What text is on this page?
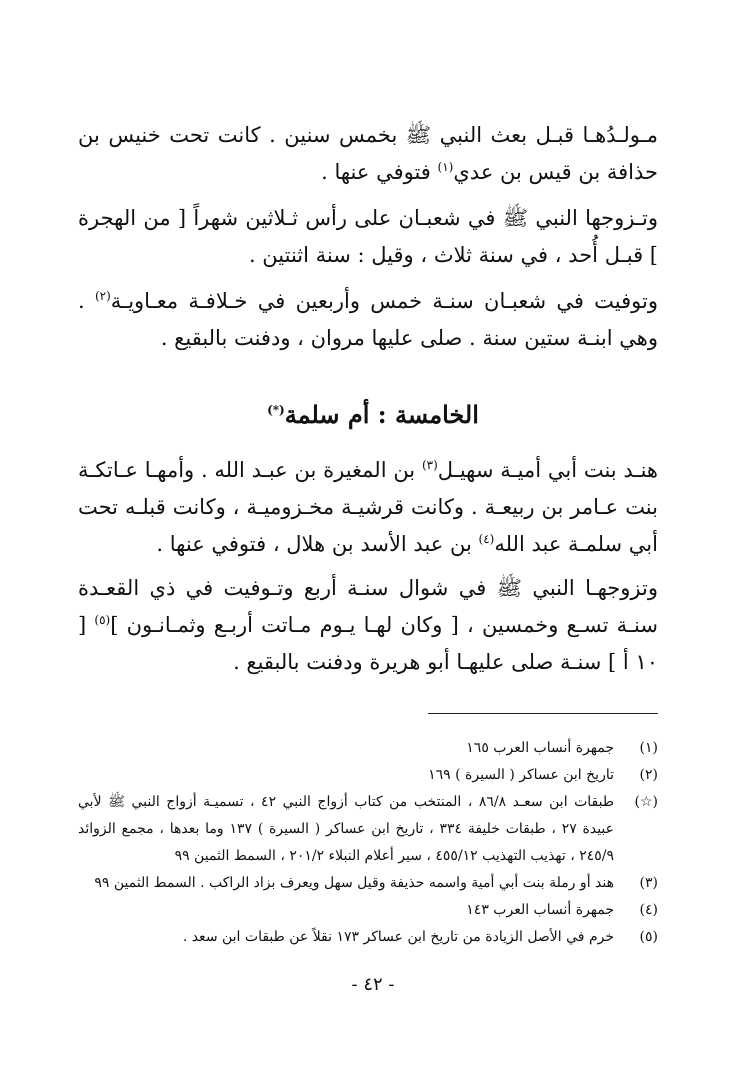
مـولـدُهـا قبـل بعث النبي ﷺ بخمس سنين . كانت تحت خنيس بن حذافة بن قيس بن عدي$^{(١)}$ فتوفي عنها .

وتـزوجها النبي ﷺ في شعبـان على رأس ثـلاثين شهراً [ من الهجرة ] قبـل أُحد ، في سنة ثلاث ، وقيل : سنة اثنتين .

وتوفيت في شعبـان سنـة خمس وأربعين في خـلافـة معـاويـة$^{(٢)}$ . وهي ابنـة ستين سنة . صلى عليها مروان ، ودفنت بالبقيع .

الخامسة : أم سلمة(*)

هنـد بنت أبي أميـة سهيـل$^{(٣)}$ بن المغيرة بن عبـد الله . وأمهـا عـاتكـة بنت عـامر بن ربيعـة . وكانت قرشيـة مخـزوميـة ، وكانت قبلـه تحت أبي سلمـة عبد الله$^{(٤)}$ بن عبد الأسد بن هلال ، فتوفي عنها .

وتزوجهـا النبي ﷺ في شوال سنـة أربع وتـوفيت في ذي القعـدة سنـة تسـع وخمسين ، [ وكان لهـا يـوم مـاتت أربـع وثمـانـون ]$^{(٥)}$ [ ١٠ أ ] سنـة صلى عليهـا أبو هريرة ودفنت بالبقيع .

(١)
جمهرة أنساب العرب ١٦٥
(٢)
تاريخ ابن عساكر ( السيرة ) ١٦٩
(☆)
طبقات ابن سعـد ٨٦/٨ ، المنتخب من كتاب أزواج النبي ٤٢ ، تسميـة أزواج النبي ﷺ لأبي عبيدة ٢٧ ، طبقات خليفة ٣٣٤ ، تاريخ ابن عساكر ( السيرة ) ١٣٧ وما بعدها ، مجمع الزوائد ٢٤٥/٩ ، تهذيب التهذيب ٤٥٥/١٢ ، سير أعلام النبلاء ٢٠١/٢ ، السمط الثمين ٩٩
(٣)
هند أو رملة بنت أبي أمية واسمه حذيفة وقيل سهل ويعرف بزاد الراكب . السمط الثمين ٩٩
(٤)
جمهرة أنساب العرب ١٤٣
(٥)
خرم في الأصل الزيادة من تاريخ ابن عساكر ١٧٣ نقلاً عن طبقات ابن سعد .
- ٤٢ -
